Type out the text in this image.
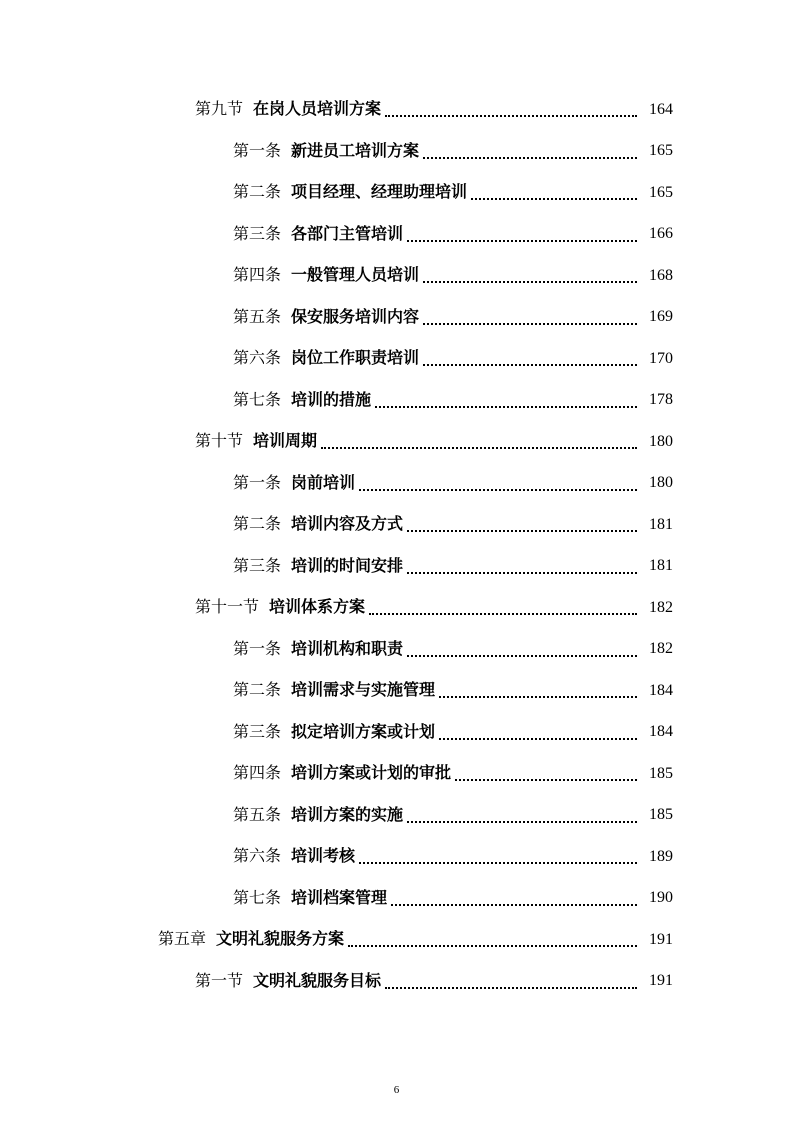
第九节 在岗人员培训方案	164
第一条 新进员工培训方案	165
第二条 项目经理、经理助理培训	165
第三条 各部门主管培训	166
第四条 一般管理人员培训	168
第五条 保安服务培训内容	169
第六条 岗位工作职责培训	170
第七条 培训的措施	178
第十节 培训周期	180
第一条 岗前培训	180
第二条 培训内容及方式	181
第三条 培训的时间安排	181
第十一节 培训体系方案	182
第一条 培训机构和职责	182
第二条 培训需求与实施管理	184
第三条 拟定培训方案或计划	184
第四条 培训方案或计划的审批	185
第五条 培训方案的实施	185
第六条 培训考核	189
第七条 培训档案管理	190
第五章 文明礼貌服务方案	191
第一节 文明礼貌服务目标	191
6
